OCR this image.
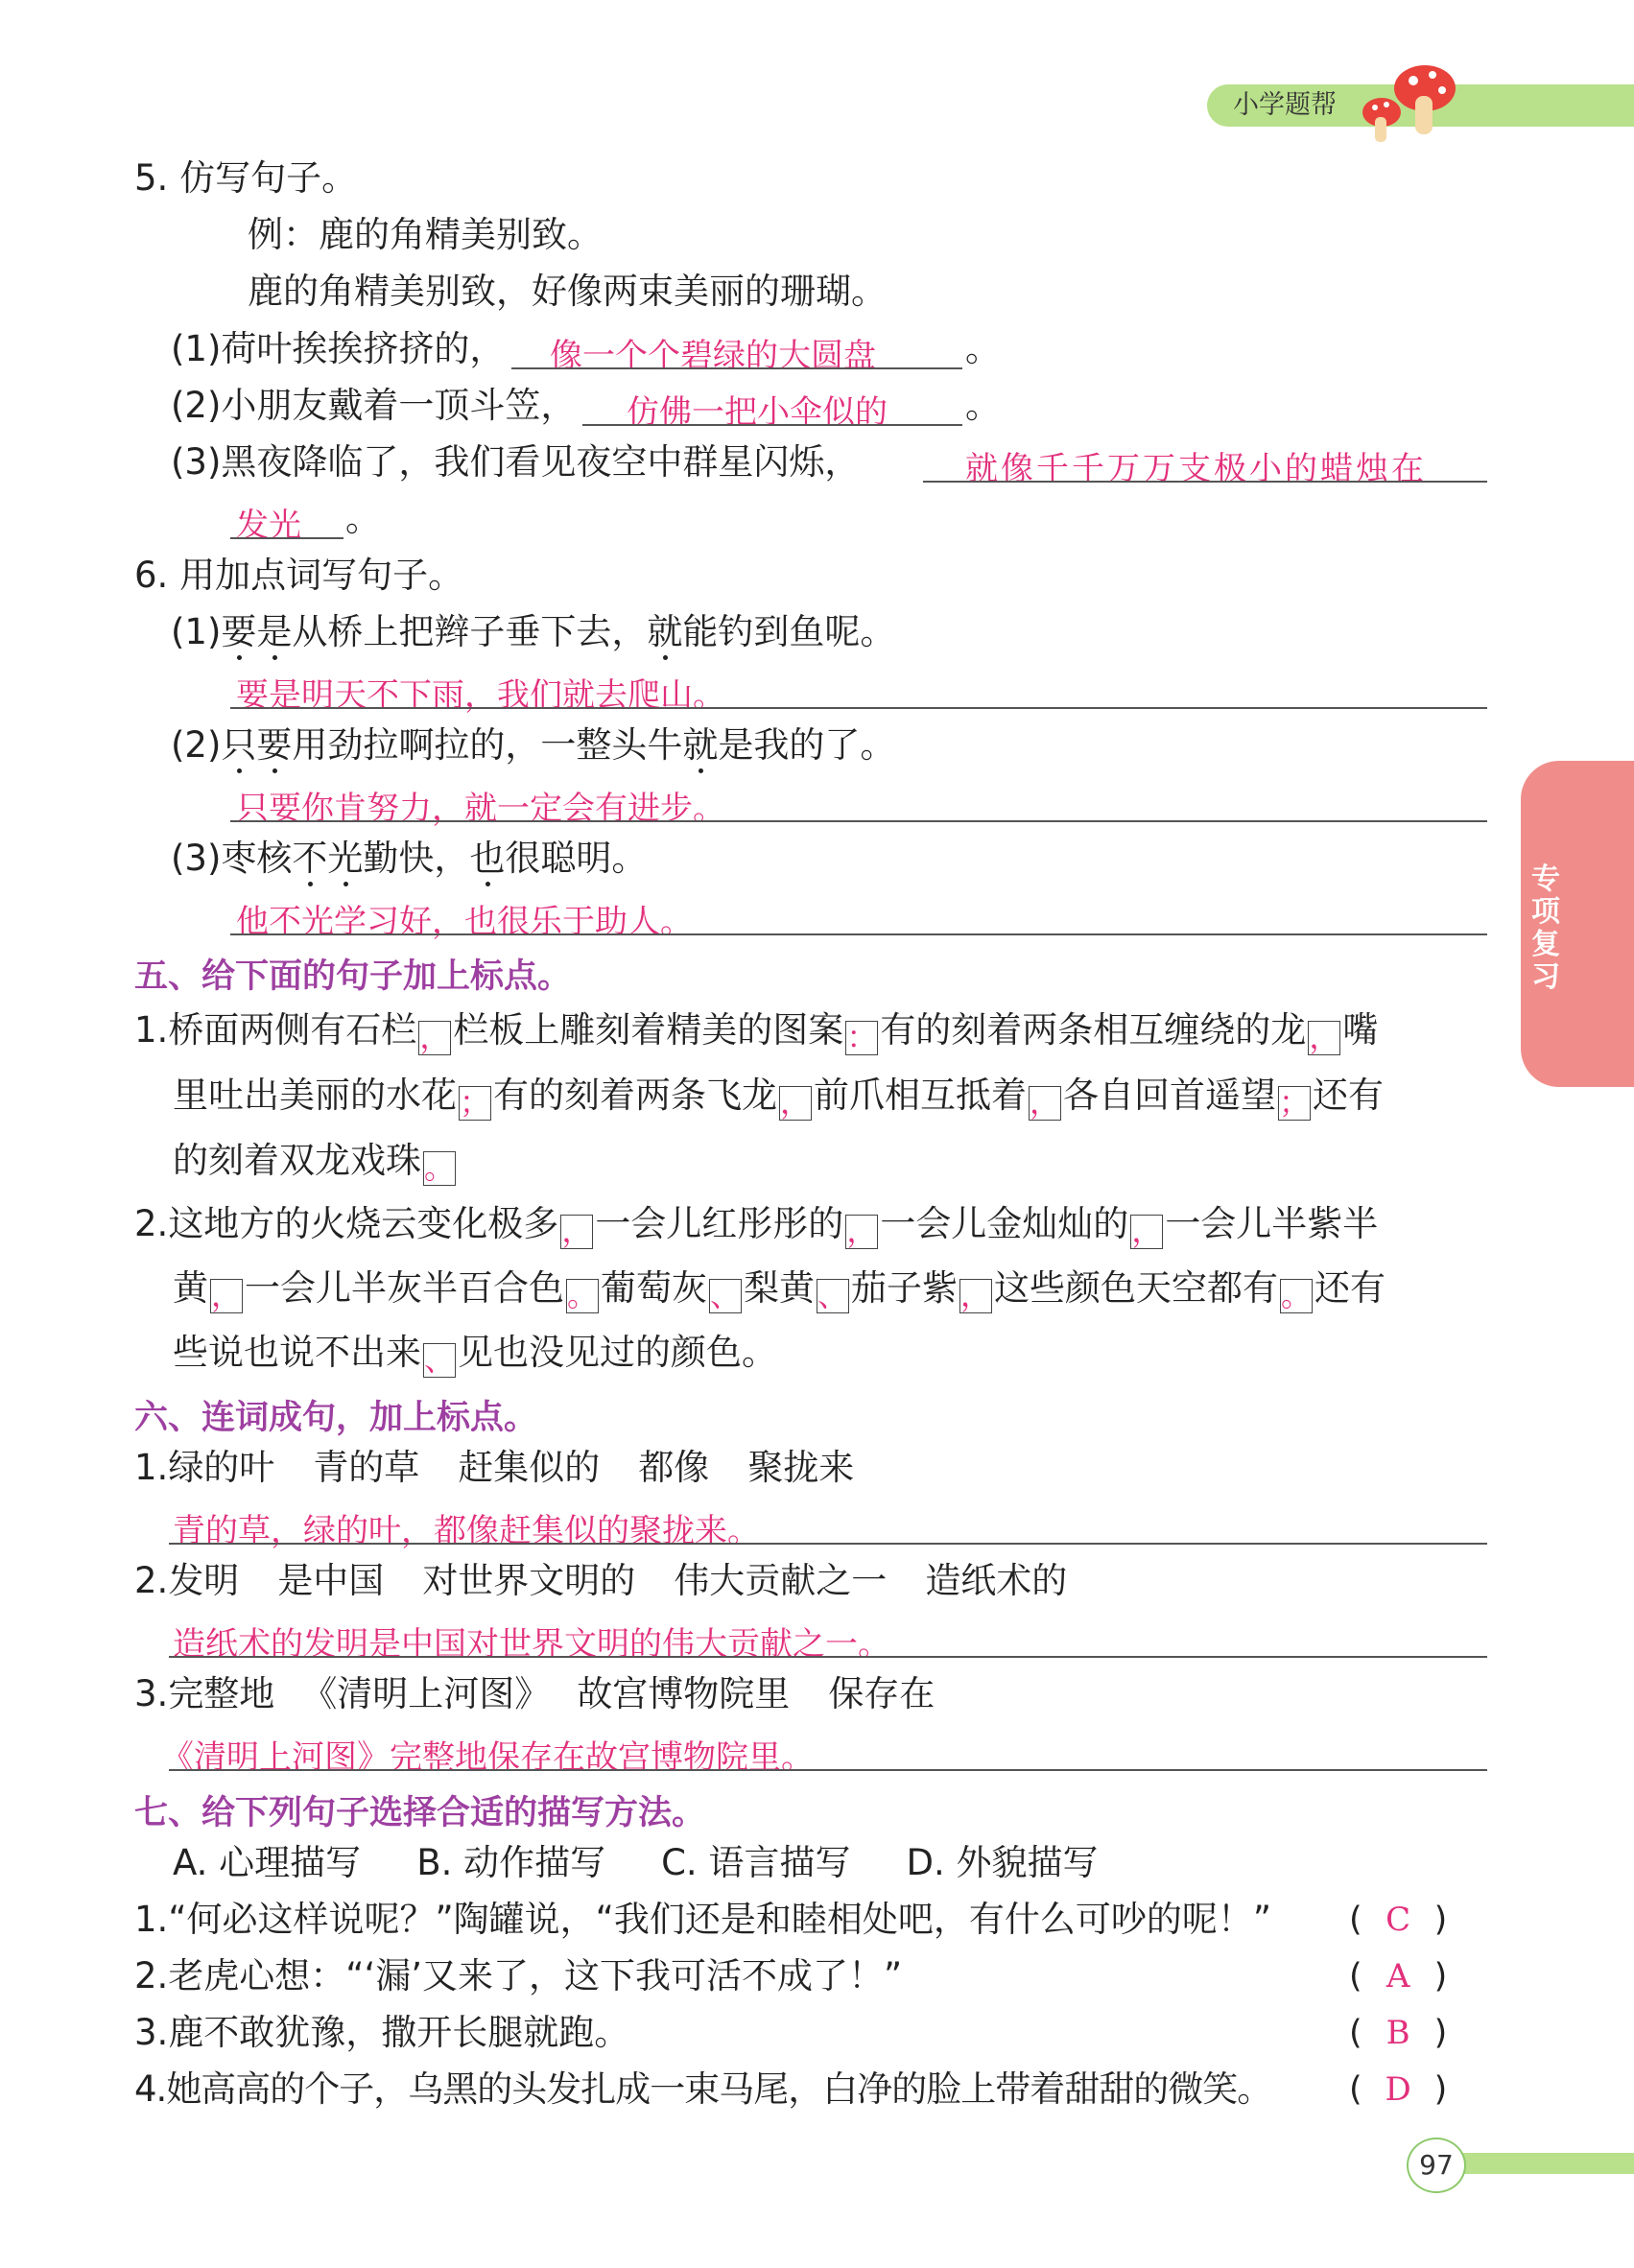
小学题帮
专项复习
5. 仿写句子。
例：鹿的角精美别致。
鹿的角精美别致，好像两束美丽的珊瑚。
(1)荷叶挨挨挤挤的， 像一个个碧绿的大圆盘	。
(2)小朋友戴着一顶斗笠， 仿佛一把小伞似的 。
(3)黑夜降临了，我们看见夜空中群星闪烁，	就像千千万万支极小的蜡烛在
发光 。
6. 用加点词写句子。
(1)要是从桥上把辫子垂下去，就能钓到鱼呢。
要是明天不下雨，我们就去爬山。
(2)只要用劲拉啊拉的，一整头牛就是我的了。
只要你肯努力，就一定会有进步。
(3)枣核不光勤快，也很聪明。
他不光学习好，也很乐于助人。
五、给下面的句子加上标点。
1.桥面两侧有石栏，栏板上雕刻着精美的图案：有的刻着两条相互缠绕的龙，嘴
里吐出美丽的水花；有的刻着两条飞龙，前爪相互抵着，各自回首遥望；还有
的刻着双龙戏珠。
2.这地方的火烧云变化极多，一会儿红彤彤的，一会儿金灿灿的，一会儿半紫半
黄，一会儿半灰半百合色。葡萄灰、梨黄、茄子紫，这些颜色天空都有。还有
些说也说不出来、见也没见过的颜色。
六、连词成句，加上标点。
1.绿的叶 青的草 赶集似的 都像 聚拢来
青的草，绿的叶，都像赶集似的聚拢来。
2.发明 是中国 对世界文明的 伟大贡献之一 造纸术的
造纸术的发明是中国对世界文明的伟大贡献之一。
3.完整地 《清明上河图》 故宫博物院里 保存在
《清明上河图》完整地保存在故宫博物院里。
七、给下列句子选择合适的描写方法。
A. 心理描写 B. 动作描写 C. 语言描写 D. 外貌描写
1.“何必这样说呢？”陶罐说，“我们还是和睦相处吧，有什么可吵的呢！” ( C )
2.老虎心想：“‘漏’又来了，这下我可活不成了！”	( A )
3.鹿不敢犹豫，撒开长腿就跑。	( B )
4.她高高的个子，乌黑的头发扎成一束马尾，白净的脸上带着甜甜的微笑。 ( D )
97
